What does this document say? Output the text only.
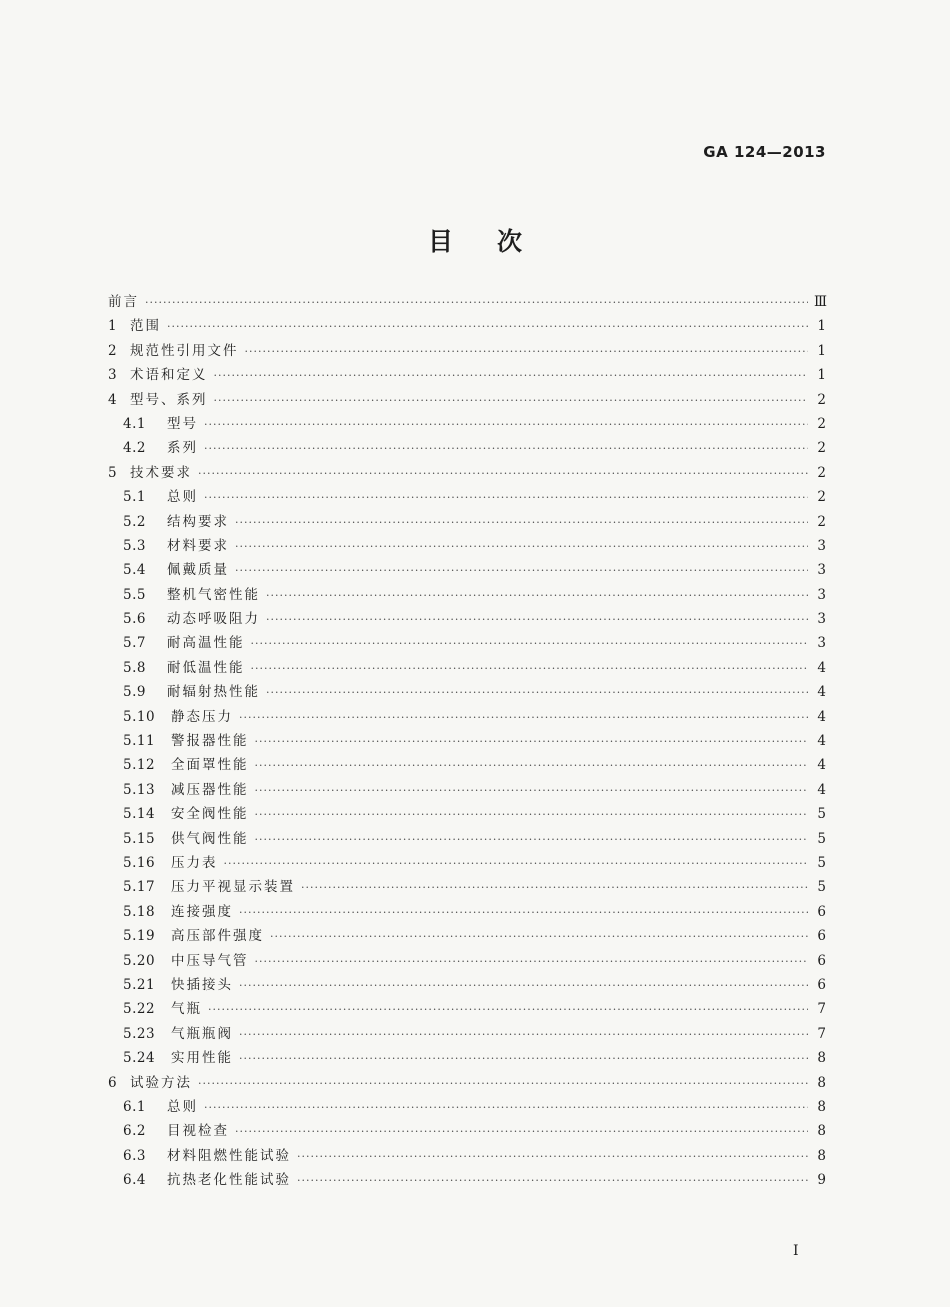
GA 124—2013
目次
前言 ·····	Ⅲ
1 范围 ·····	1
2 规范性引用文件 ·····	1
3 术语和定义 ·····	1
4 型号、系列 ·····	2
4.1	型号 ·····	2
4.2	系列 ·····	2
5 技术要求 ·····	2
5.1	总则 ·····	2
5.2	结构要求 ·····	2
5.3	材料要求 ·····	3
5.4	佩戴质量 ·····	3
5.5	整机气密性能 ·····	3
5.6	动态呼吸阻力 ·····	3
5.7	耐高温性能 ·····	3
5.8	耐低温性能 ·····	4
5.9	耐辐射热性能 ·····	4
5.10	静态压力 ·····	4
5.11	警报器性能 ·····	4
5.12	全面罩性能 ·····	4
5.13	减压器性能 ·····	4
5.14	安全阀性能 ·····	5
5.15	供气阀性能 ·····	5
5.16	压力表 ·····	5
5.17	压力平视显示装置 ·····	5
5.18	连接强度 ·····	6
5.19	高压部件强度 ·····	6
5.20	中压导气管 ·····	6
5.21	快插接头 ·····	6
5.22	气瓶 ·····	7
5.23	气瓶瓶阀 ·····	7
5.24	实用性能 ·····	8
6 试验方法 ·····	8
6.1	总则 ·····	8
6.2	目视检查 ·····	8
6.3	材料阻燃性能试验 ·····	8
6.4	抗热老化性能试验 ·····	9
I
